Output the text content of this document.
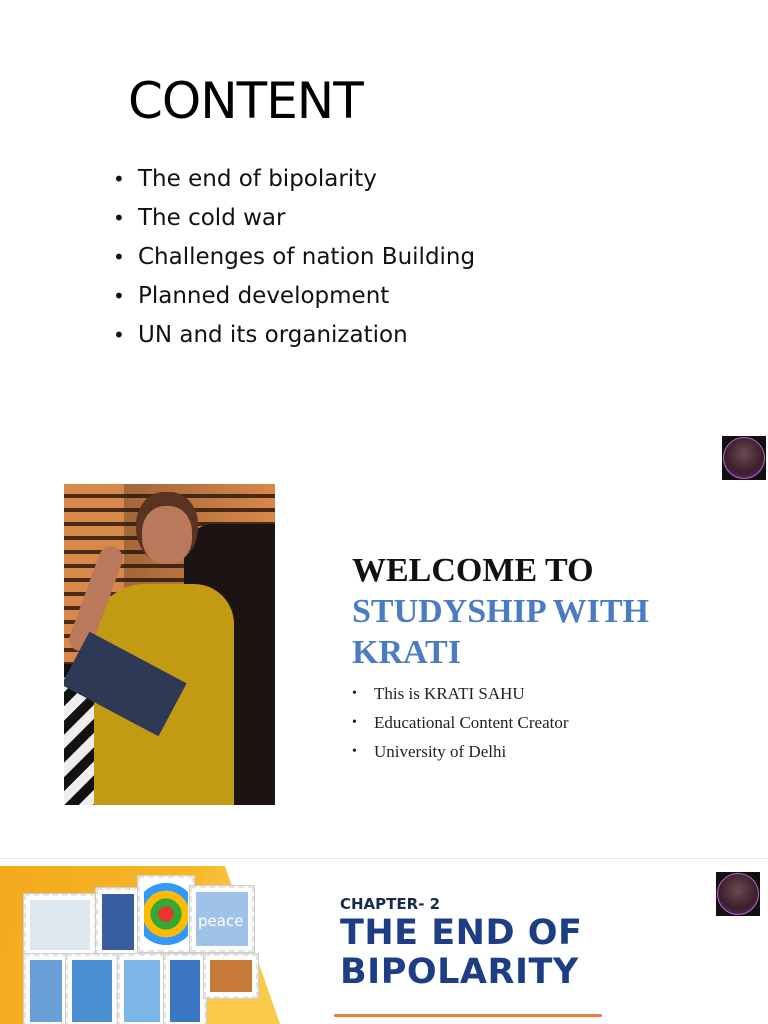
CONTENT
• The end of bipolarity
• The cold war
• Challenges of nation Building
• Planned development
• UN and its organization
WELCOME TO
STUDYSHIP WITH
KRATI
•	This is KRATI SAHU
•	Educational Content Creator
•	University of Delhi
peace
CHAPTER- 2
THE END OF
BIPOLARITY
